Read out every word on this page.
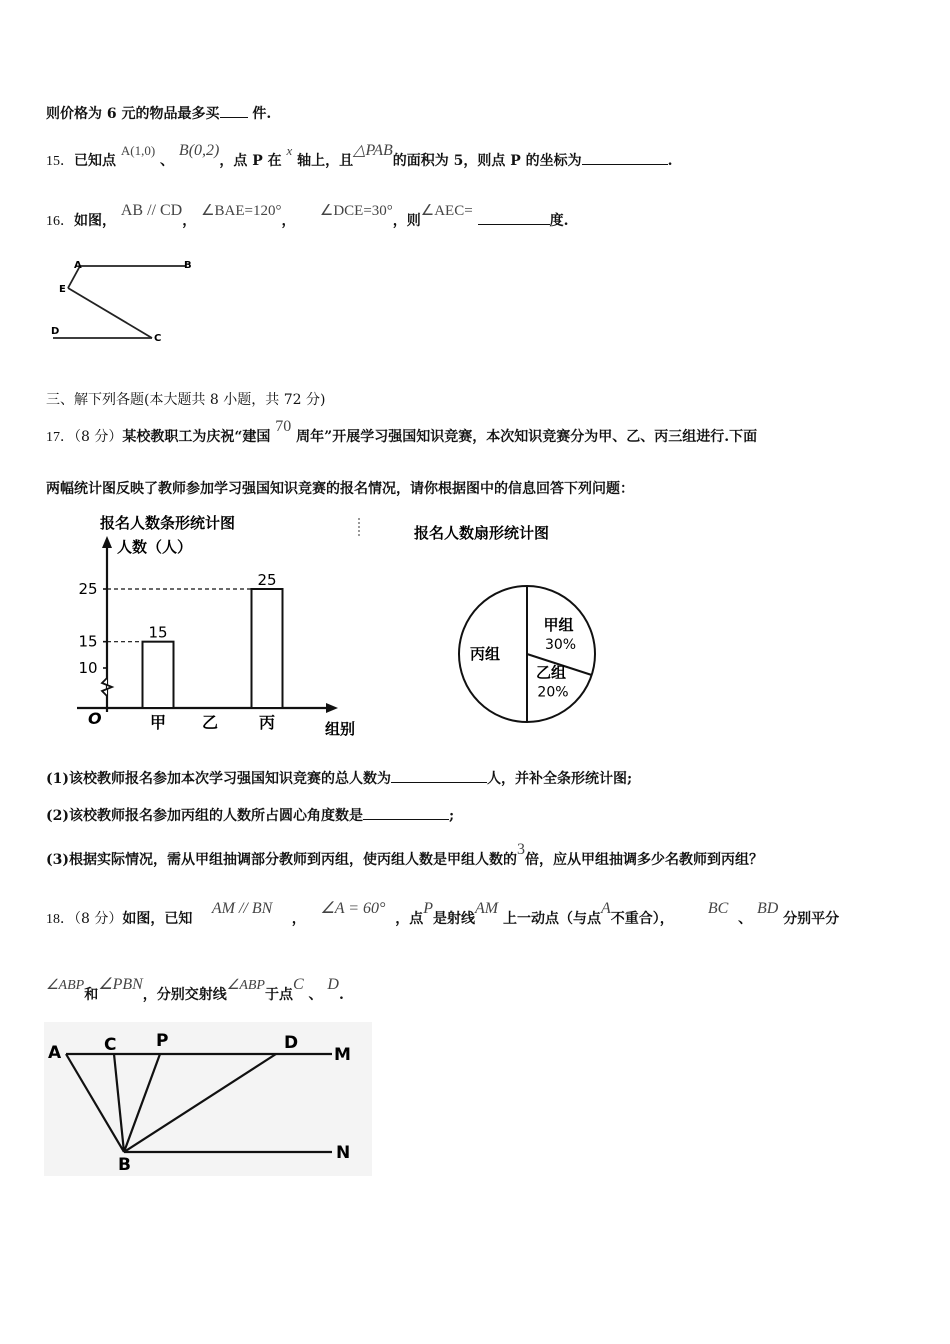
则价格为 6 元的物品最多买 件.
15．已知点 A(1,0) 、 B(0,2)，点 P 在 x 轴上，且△PAB的面积为 5，则点 P 的坐标为	.
16．如图， AB // CD， ∠BAE=120°，     ∠DCE=30°，则∠AEC= 度.
A	B
E
D
C
三、解下列各题(本大题共 8 小题，共 72 分)
17．（8 分）某校教职工为庆祝“建国 70 周年”开展学习强国知识竞赛，本次知识竞赛分为甲、乙、丙三组进行.下面
两幅统计图反映了教师参加学习强国知识竞赛的报名情况，请你根据图中的信息回答下列问题：
报名人数条形统计图
人数（人）
10
15
25
15
甲 乙
25
丙
O
组别
报名人数扇形统计图
甲组
30%
乙组
20%
丙组
(1)该校教师报名参加本次学习强国知识竞赛的总人数为	人，并补全条形统计图;
(2)该校教师报名参加丙组的人数所占圆心角度数是	;
(3)根据实际情况，需从甲组抽调部分教师到丙组，使丙组人数是甲组人数的3倍，应从甲组抽调多少名教师到丙组？
18．（8 分）如图，已知    AM // BN    ，   ∠A = 60°  ，点P是射线AM 上一动点（与点A不重合），       BC  、 BD 分别平分
∠ABP和∠PBN，分别交射线∠ABP于点C 、 D.
A	C P	D
M
B
N
